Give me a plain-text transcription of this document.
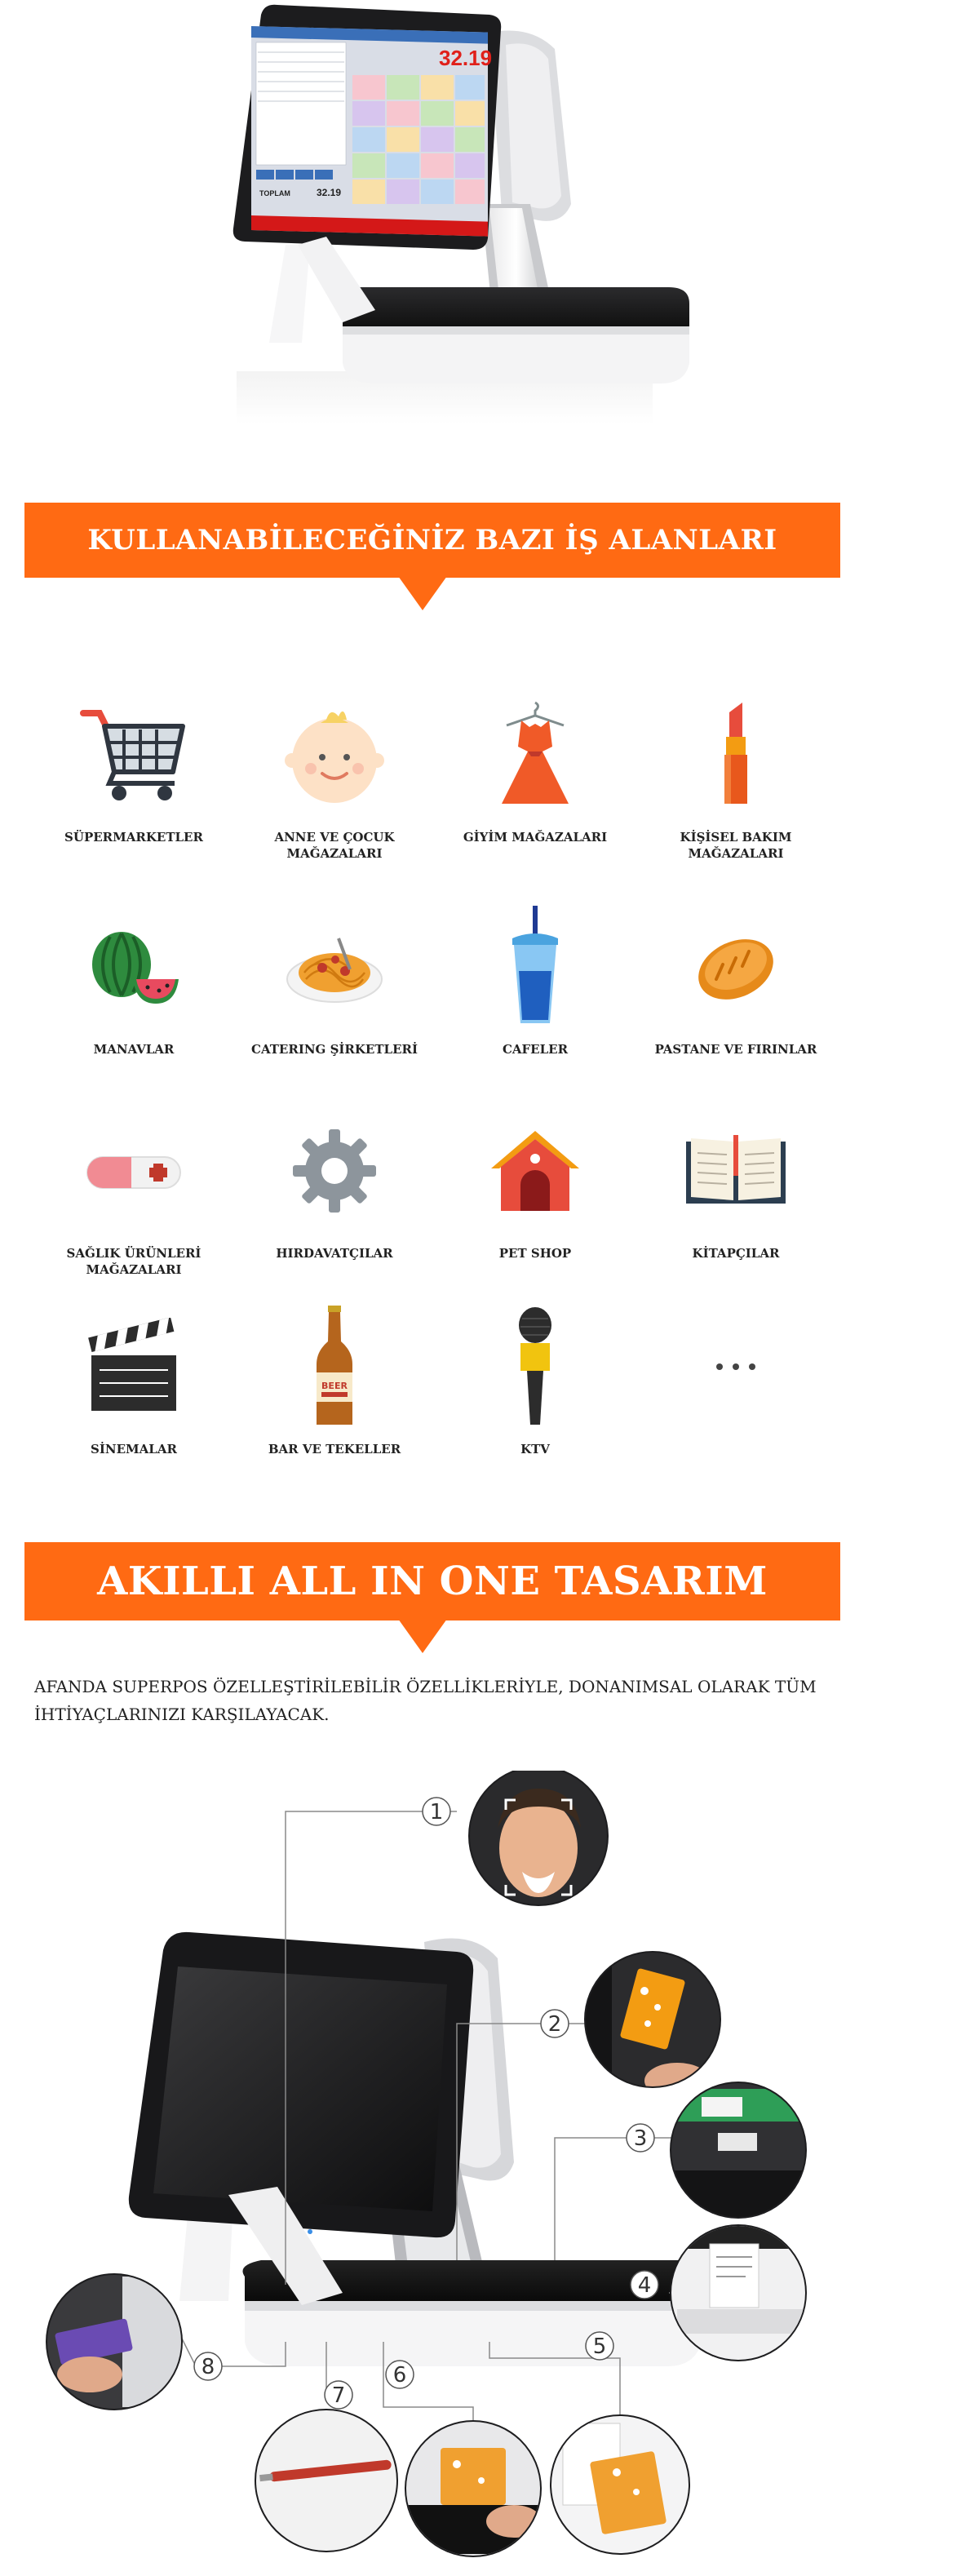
32.19
TOPLAM	32.19
KULLANABİLECEĞİNİZ BAZI İŞ ALANLARI
SÜPERMARKETLER	ANNE VE ÇOCUK MAĞAZALARI
GİYİM MAĞAZALARI	KİŞİSEL BAKIM MAĞAZALARI
MANAVLAR	CATERING ŞİRKETLERİ	CAFELER	PASTANE VE FIRINLAR
SAĞLIK ÜRÜNLERİ MAĞAZALARI
HIRDAVATÇILAR	PET SHOP	KİTAPÇILAR
SİNEMALAR
BEER
BAR VE TEKELLER	KTV
AKILLI ALL IN ONE TASARIM
AFANDA SUPERPOS ÖZELLEŞTİRİLEBİLİR ÖZELLİKLERİYLE, DONANIMSAL OLARAK TÜM İHTİYAÇLARINIZI KARŞILAYACAK.
1
2
3
4
5
6
7
8
